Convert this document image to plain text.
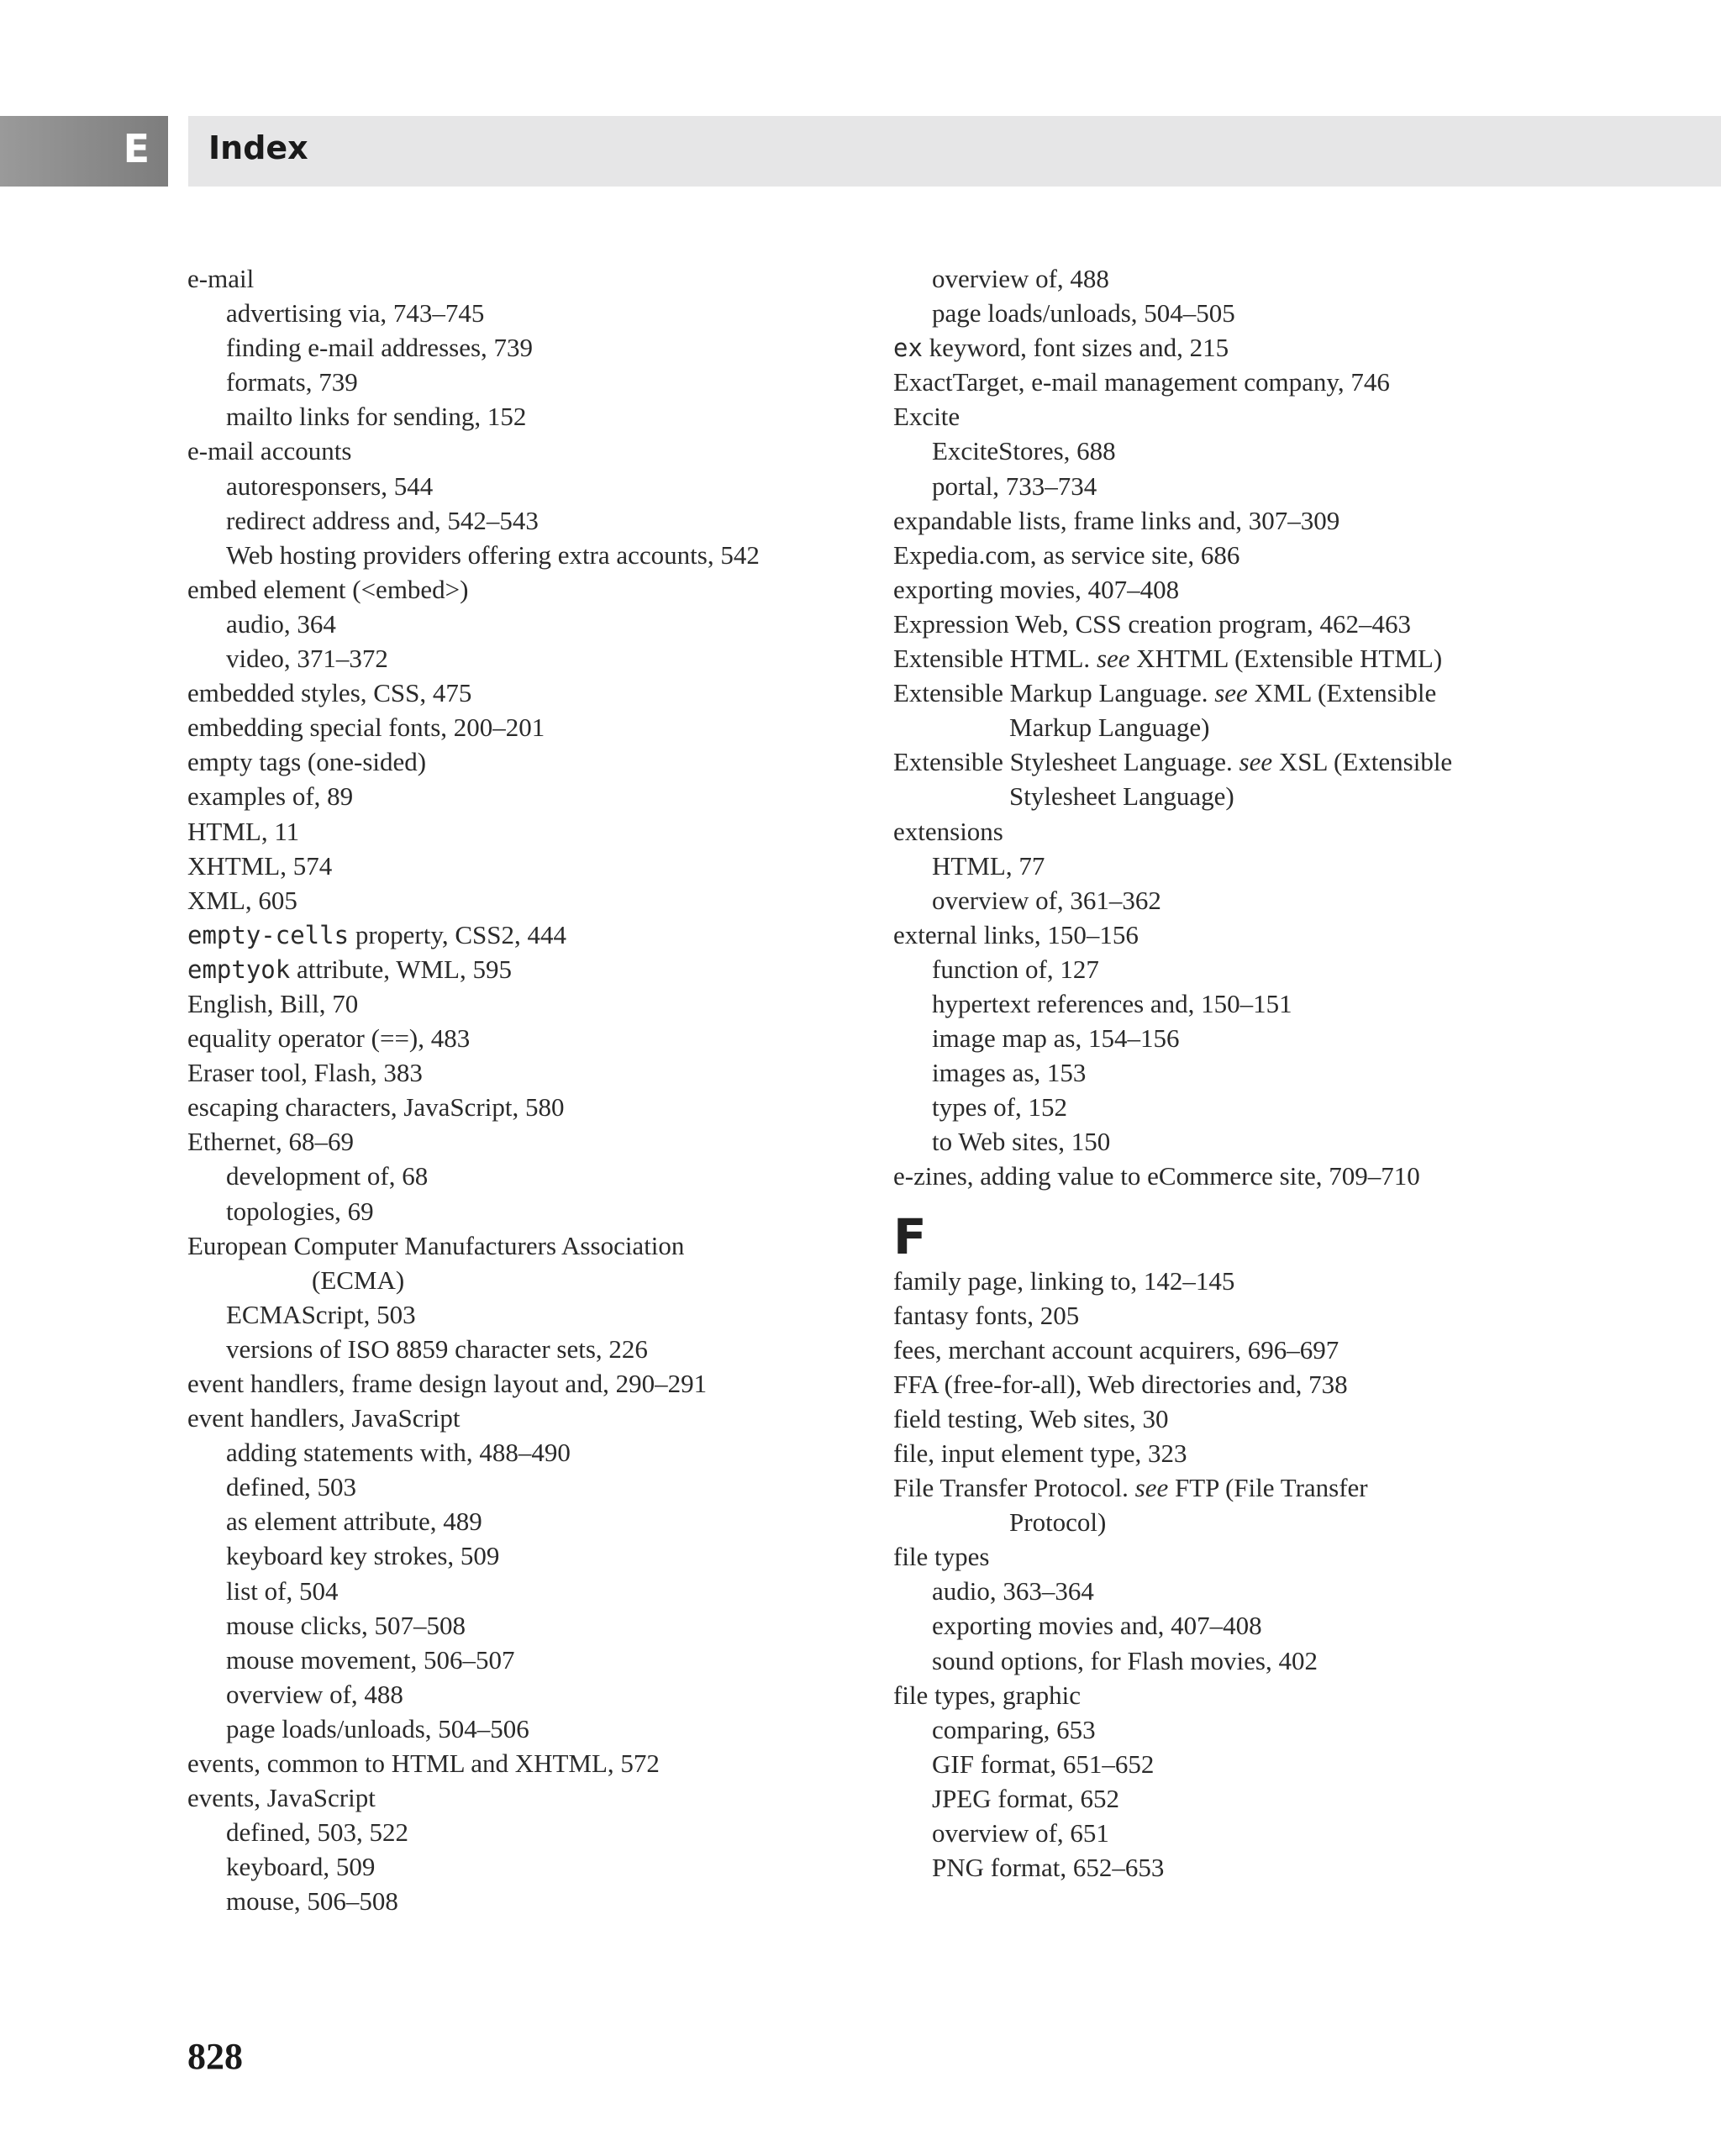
E Index
e-mail
advertising via, 743–745
finding e-mail addresses, 739
formats, 739
mailto links for sending, 152
e-mail accounts
autoresponsers, 544
redirect address and, 542–543
Web hosting providers offering extra accounts, 542
embed element (<embed>)
audio, 364
video, 371–372
embedded styles, CSS, 475
embedding special fonts, 200–201
empty tags (one-sided)
examples of, 89
HTML, 11
XHTML, 574
XML, 605
empty-cells property, CSS2, 444
emptyok attribute, WML, 595
English, Bill, 70
equality operator (==), 483
Eraser tool, Flash, 383
escaping characters, JavaScript, 580
Ethernet, 68–69
development of, 68
topologies, 69
European Computer Manufacturers Association
(ECMA)
ECMAScript, 503
versions of ISO 8859 character sets, 226
event handlers, frame design layout and, 290–291
event handlers, JavaScript
adding statements with, 488–490
defined, 503
as element attribute, 489
keyboard key strokes, 509
list of, 504
mouse clicks, 507–508
mouse movement, 506–507
overview of, 488
page loads/unloads, 504–506
events, common to HTML and XHTML, 572
events, JavaScript
defined, 503, 522
keyboard, 509
mouse, 506–508
overview of, 488
page loads/unloads, 504–505
ex keyword, font sizes and, 215
ExactTarget, e-mail management company, 746
Excite
ExciteStores, 688
portal, 733–734
expandable lists, frame links and, 307–309
Expedia.com, as service site, 686
exporting movies, 407–408
Expression Web, CSS creation program, 462–463
Extensible HTML. see XHTML (Extensible HTML)
Extensible Markup Language. see XML (Extensible
Markup Language)
Extensible Stylesheet Language. see XSL (Extensible
Stylesheet Language)
extensions
HTML, 77
overview of, 361–362
external links, 150–156
function of, 127
hypertext references and, 150–151
image map as, 154–156
images as, 153
types of, 152
to Web sites, 150
e-zines, adding value to eCommerce site, 709–710
F
family page, linking to, 142–145
fantasy fonts, 205
fees, merchant account acquirers, 696–697
FFA (free-for-all), Web directories and, 738
field testing, Web sites, 30
file, input element type, 323
File Transfer Protocol. see FTP (File Transfer
Protocol)
file types
audio, 363–364
exporting movies and, 407–408
sound options, for Flash movies, 402
file types, graphic
comparing, 653
GIF format, 651–652
JPEG format, 652
overview of, 651
PNG format, 652–653
828
